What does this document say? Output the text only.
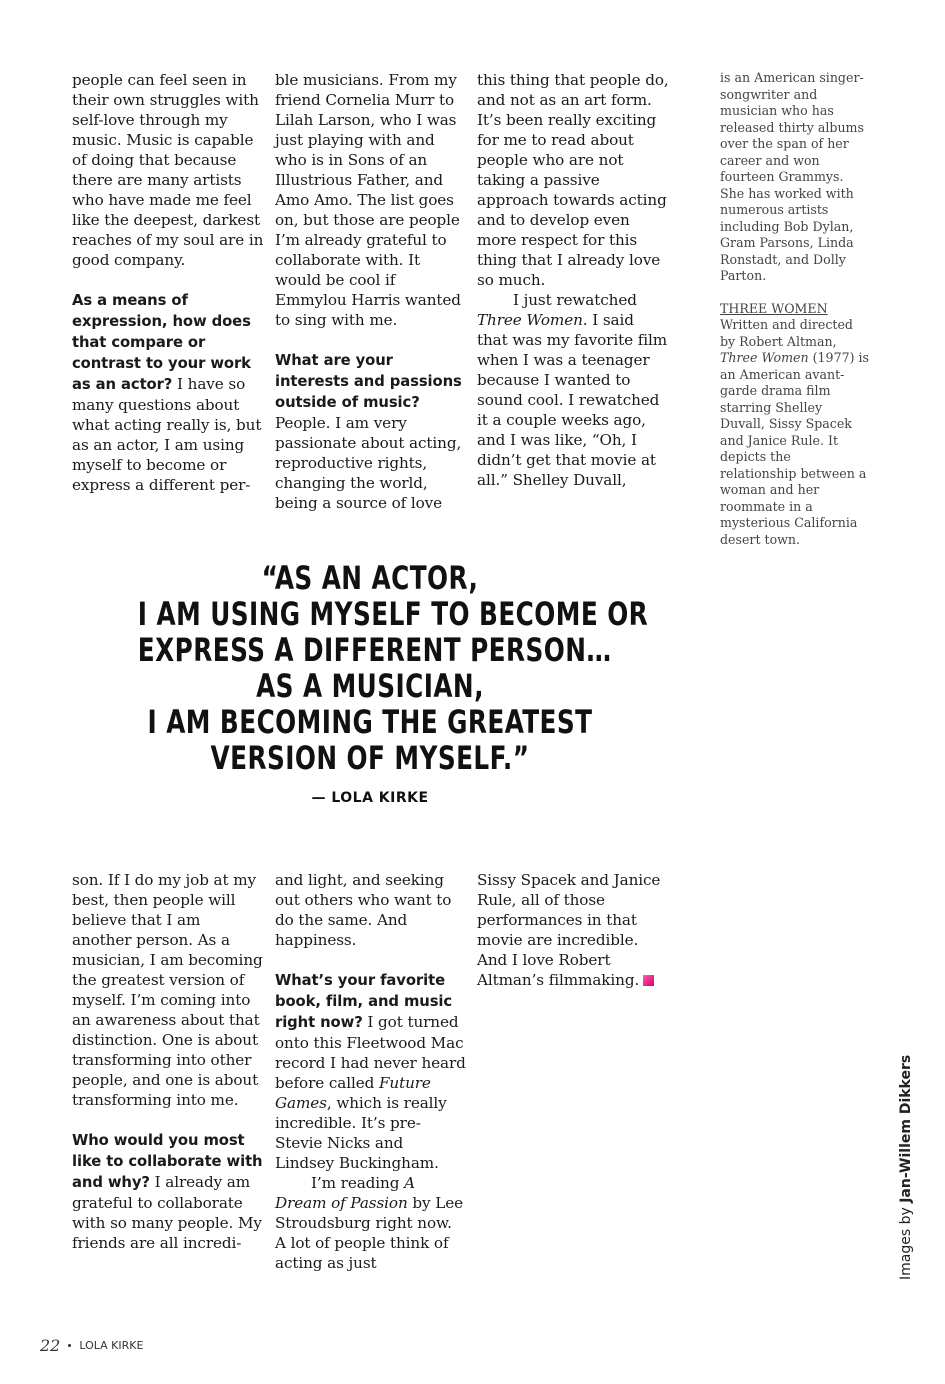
people can feel seen in their own struggles with self-love through my music. Music is capable of doing that because there are many artists who have made me feel like the deepest, darkest reaches of my soul are in good company.

As a means of expression, how does that compare or contrast to your work as an actor? I have so many questions about what acting really is, but as an actor, I am using myself to become or express a different per-

ble musicians. From my friend Cornelia Murr to Lilah Larson, who I was just playing with and who is in Sons of an Illustrious Father, and Amo Amo. The list goes on, but those are people I’m already grateful to collaborate with. It would be cool if Emmylou Harris wanted to sing with me.

What are your interests and passions outside of music? People. I am very passionate about acting, reproductive rights, changing the world, being a source of love

this thing that people do, and not as an art form. It’s been really exciting for me to read about people who are not taking a passive approach towards acting and to develop even more respect for this thing that I already love so much.

I just rewatched Three Women. I said that was my favorite film when I was a teenager because I wanted to sound cool. I rewatched it a couple weeks ago, and I was like, “Oh, I didn’t get that movie at all.” Shelley Duvall,

is an American singer-songwriter and musician who has released thirty albums over the span of her career and won fourteen Grammys. She has worked with numerous artists including Bob Dylan, Gram Parsons, Linda Ronstadt, and Dolly Parton.

THREE WOMEN

Written and directed by Robert Altman, Three Women (1977) is an American avant-garde drama film starring Shelley Duvall, Sissy Spacek and Janice Rule. It depicts the relationship between a woman and her roommate in a mysterious California desert town.

“AS AN ACTOR,
I AM USING MYSELF TO BECOME OR
EXPRESS A DIFFERENT PERSON…
AS A MUSICIAN,
I AM BECOMING THE GREATEST
VERSION OF MYSELF.”
— LOLA KIRKE

son. If I do my job at my best, then people will believe that I am another person. As a musician, I am becoming the greatest version of myself. I’m coming into an awareness about that distinction. One is about transforming into other people, and one is about transforming into me.

Who would you most like to collaborate with and why? I already am grateful to collaborate with so many people. My friends are all incredi-

and light, and seeking out others who want to do the same. And happiness.

What’s your favorite book, film, and music right now? I got turned onto this Fleetwood Mac record I had never heard before called Future Games, which is really incredible. It’s pre-Stevie Nicks and Lindsey Buckingham.

I’m reading A Dream of Passion by Lee Stroudsburg right now. A lot of people think of acting as just

Sissy Spacek and Janice Rule, all of those performances in that movie are incredible. And I love Robert Altman’s filmmaking.

Images by Jan-Willem Dikkers
22 LOLA KIRKE
